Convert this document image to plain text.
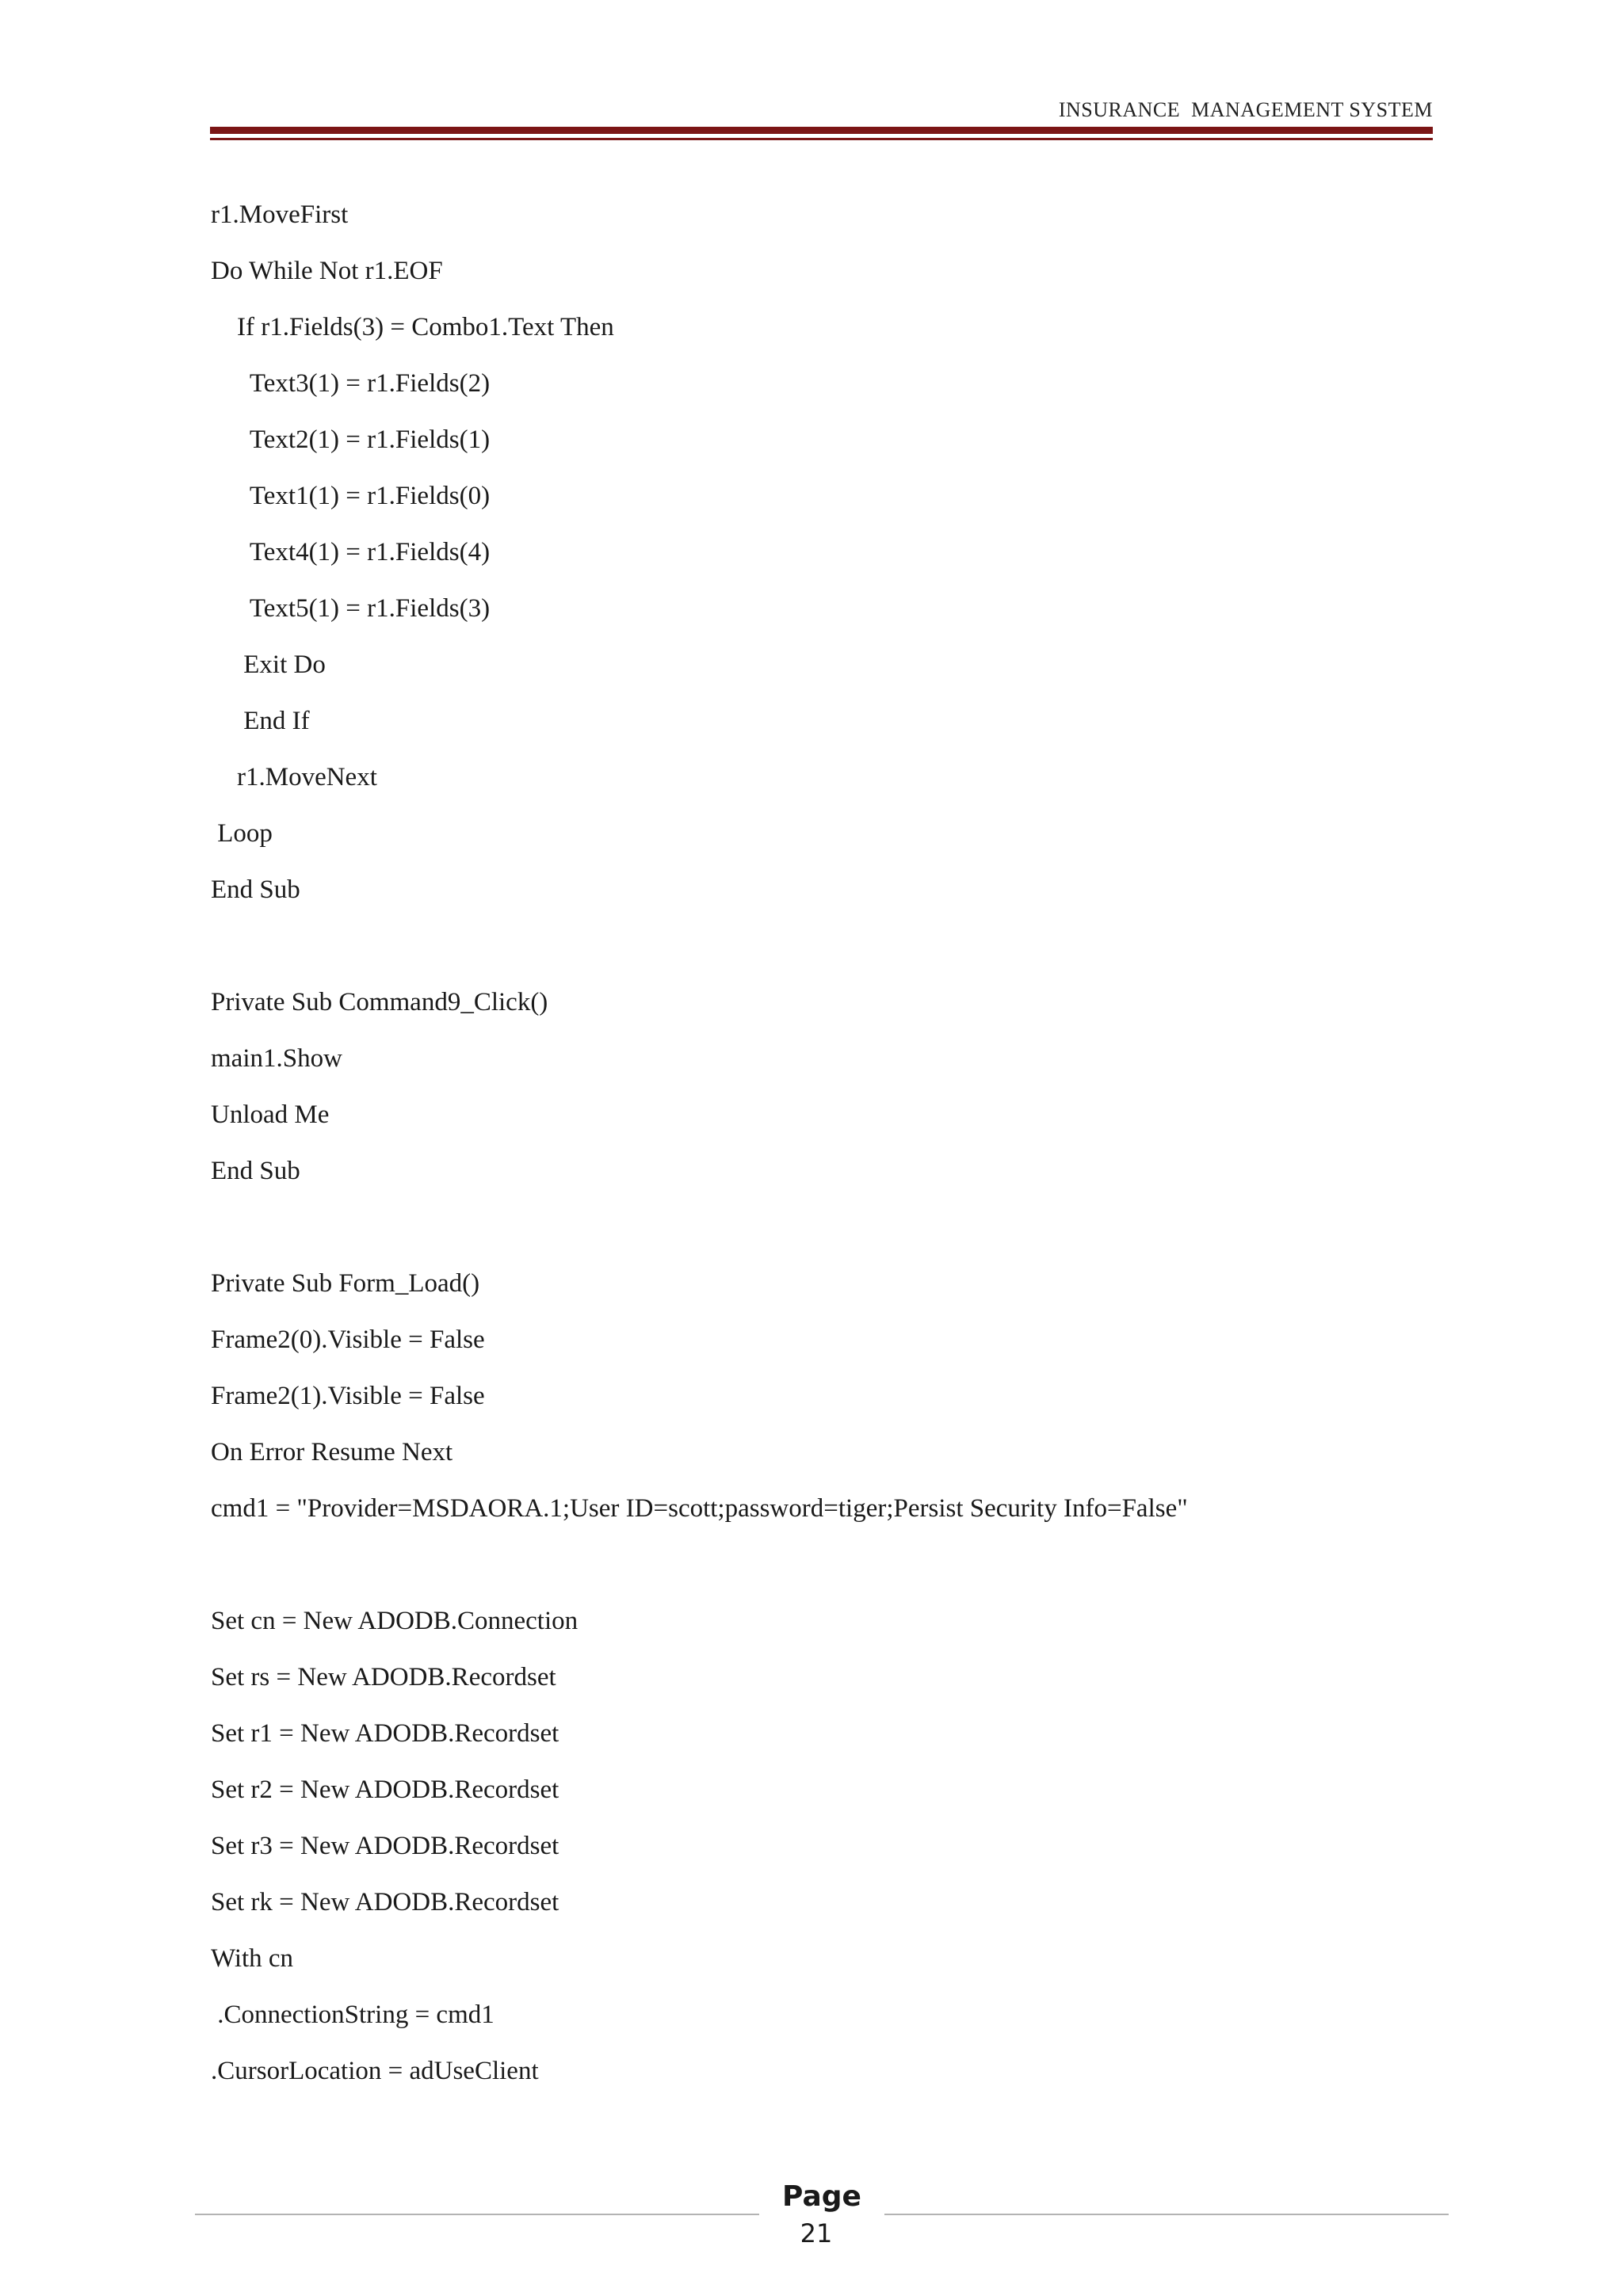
INSURANCE  MANAGEMENT SYSTEM
r1.MoveFirst
Do While Not r1.EOF
If r1.Fields(3) = Combo1.Text Then
Text3(1) = r1.Fields(2)
Text2(1) = r1.Fields(1)
Text1(1) = r1.Fields(0)
Text4(1) = r1.Fields(4)
Text5(1) = r1.Fields(3)
Exit Do
End If
r1.MoveNext
Loop
End Sub
Private Sub Command9_Click()
main1.Show
Unload Me
End Sub
Private Sub Form_Load()
Frame2(0).Visible = False
Frame2(1).Visible = False
On Error Resume Next
cmd1 = "Provider=MSDAORA.1;User ID=scott;password=tiger;Persist Security Info=False"
Set cn = New ADODB.Connection
Set rs = New ADODB.Recordset
Set r1 = New ADODB.Recordset
Set r2 = New ADODB.Recordset
Set r3 = New ADODB.Recordset
Set rk = New ADODB.Recordset
With cn
.ConnectionString = cmd1
.CursorLocation = adUseClient
Page
21
